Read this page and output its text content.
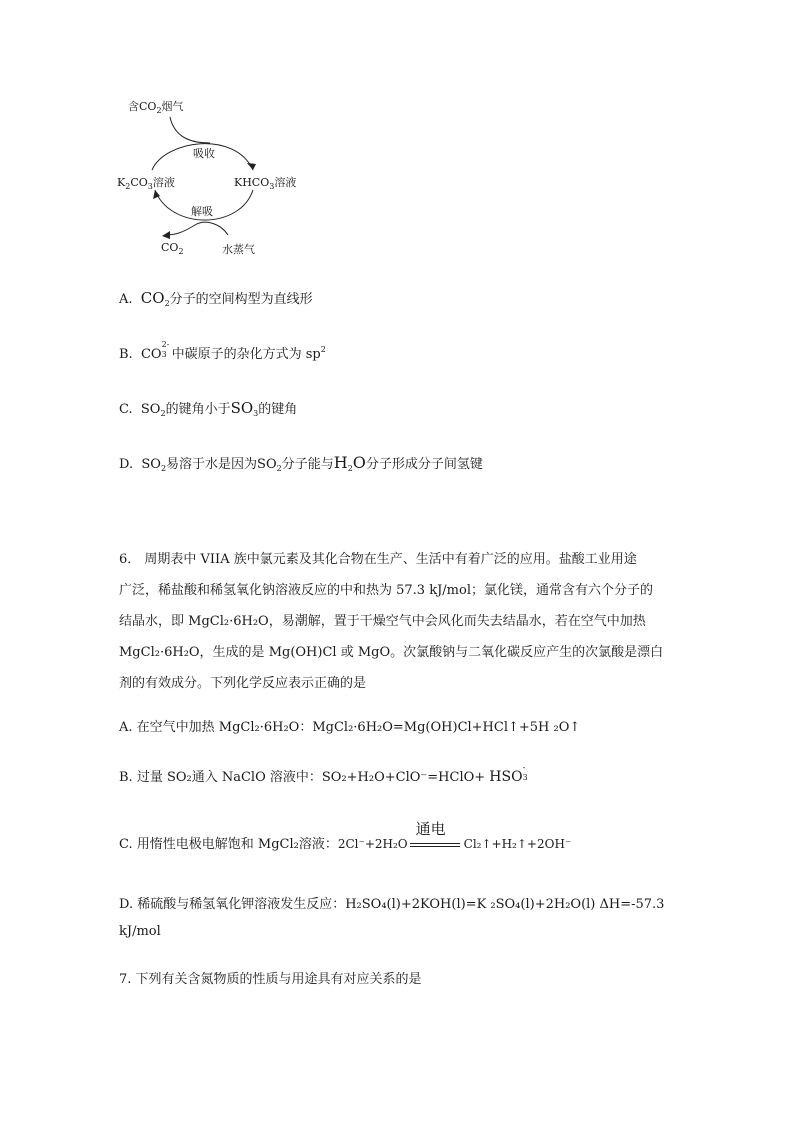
含$CO_2$烟气
吸收
$K_2CO_3$溶液	$KHCO_3$溶液
解吸
$CO_2$	水蒸气
A. $CO_2$分子的空间构型为直线形
B. CO
2-
3 中碳原子的杂化方式为 $sp^2$
C. $SO_2$的键角小于$SO_3$的键角
D. $SO_2$易溶于水是因为$SO_2$分子能与$H_2O$分子形成分子间氢键
6． 周期表中 VIIA 族中氯元素及其化合物在生产、生活中有着广泛的应用。盐酸工业用途
广泛，稀盐酸和稀氢氧化钠溶液反应的中和热为 57.3 kJ/mol；氯化镁，通常含有六个分子的
结晶水，即 MgCl₂·6H₂O，易潮解，置于干燥空气中会风化而失去结晶水，若在空气中加热
MgCl₂·6H₂O，生成的是 Mg(OH)Cl 或 MgO。次氯酸钠与二氧化碳反应产生的次氯酸是漂白
剂的有效成分。下列化学反应表示正确的是
A. 在空气中加热 MgCl₂·6H₂O：MgCl₂·6H₂O=Mg(OH)Cl+HCl↑+5H ₂O↑
B. 过量 SO₂通入 NaClO 溶液中：SO₂+H₂O+ClO⁻=HClO+ HSO
-
3
C. 用惰性电极电解饱和 MgCl₂溶液：2Cl⁻+2H₂O
通电
Cl₂↑+H₂↑+2OH⁻
D. 稀硫酸与稀氢氧化钾溶液发生反应：H₂SO₄(l)+2KOH(l)=K ₂SO₄(l)+2H₂O(l) ΔH=-57.3
kJ/mol
7. 下列有关含氮物质的性质与用途具有对应关系的是
